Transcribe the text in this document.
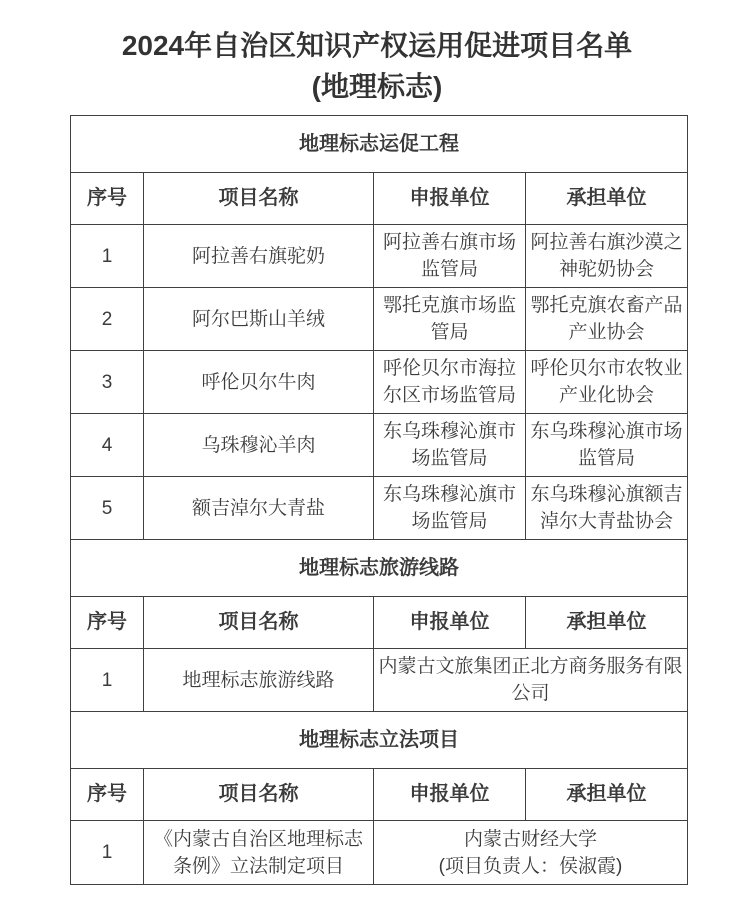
2024年自治区知识产权运用促进项目名单
(地理标志)
地理标志运促工程			
序号	项目名称	申报单位	承担单位
1	阿拉善右旗驼奶	阿拉善右旗市场监管局	阿拉善右旗沙漠之神驼奶协会
2	阿尔巴斯山羊绒	鄂托克旗市场监管局	鄂托克旗农畜产品产业协会
3	呼伦贝尔牛肉	呼伦贝尔市海拉尔区市场监管局	呼伦贝尔市农牧业产业化协会
4	乌珠穆沁羊肉	东乌珠穆沁旗市场监管局	东乌珠穆沁旗市场监管局
5	额吉淖尔大青盐	东乌珠穆沁旗市场监管局	东乌珠穆沁旗额吉淖尔大青盐协会
地理标志旅游线路			
序号	项目名称	申报单位	承担单位
1	地理标志旅游线路	内蒙古文旅集团正北方商务服务有限公司	
地理标志立法项目			
序号	项目名称	申报单位	承担单位
1	《内蒙古自治区地理标志条例》立法制定项目	内蒙古财经大学
(项目负责人：侯淑霞)	
